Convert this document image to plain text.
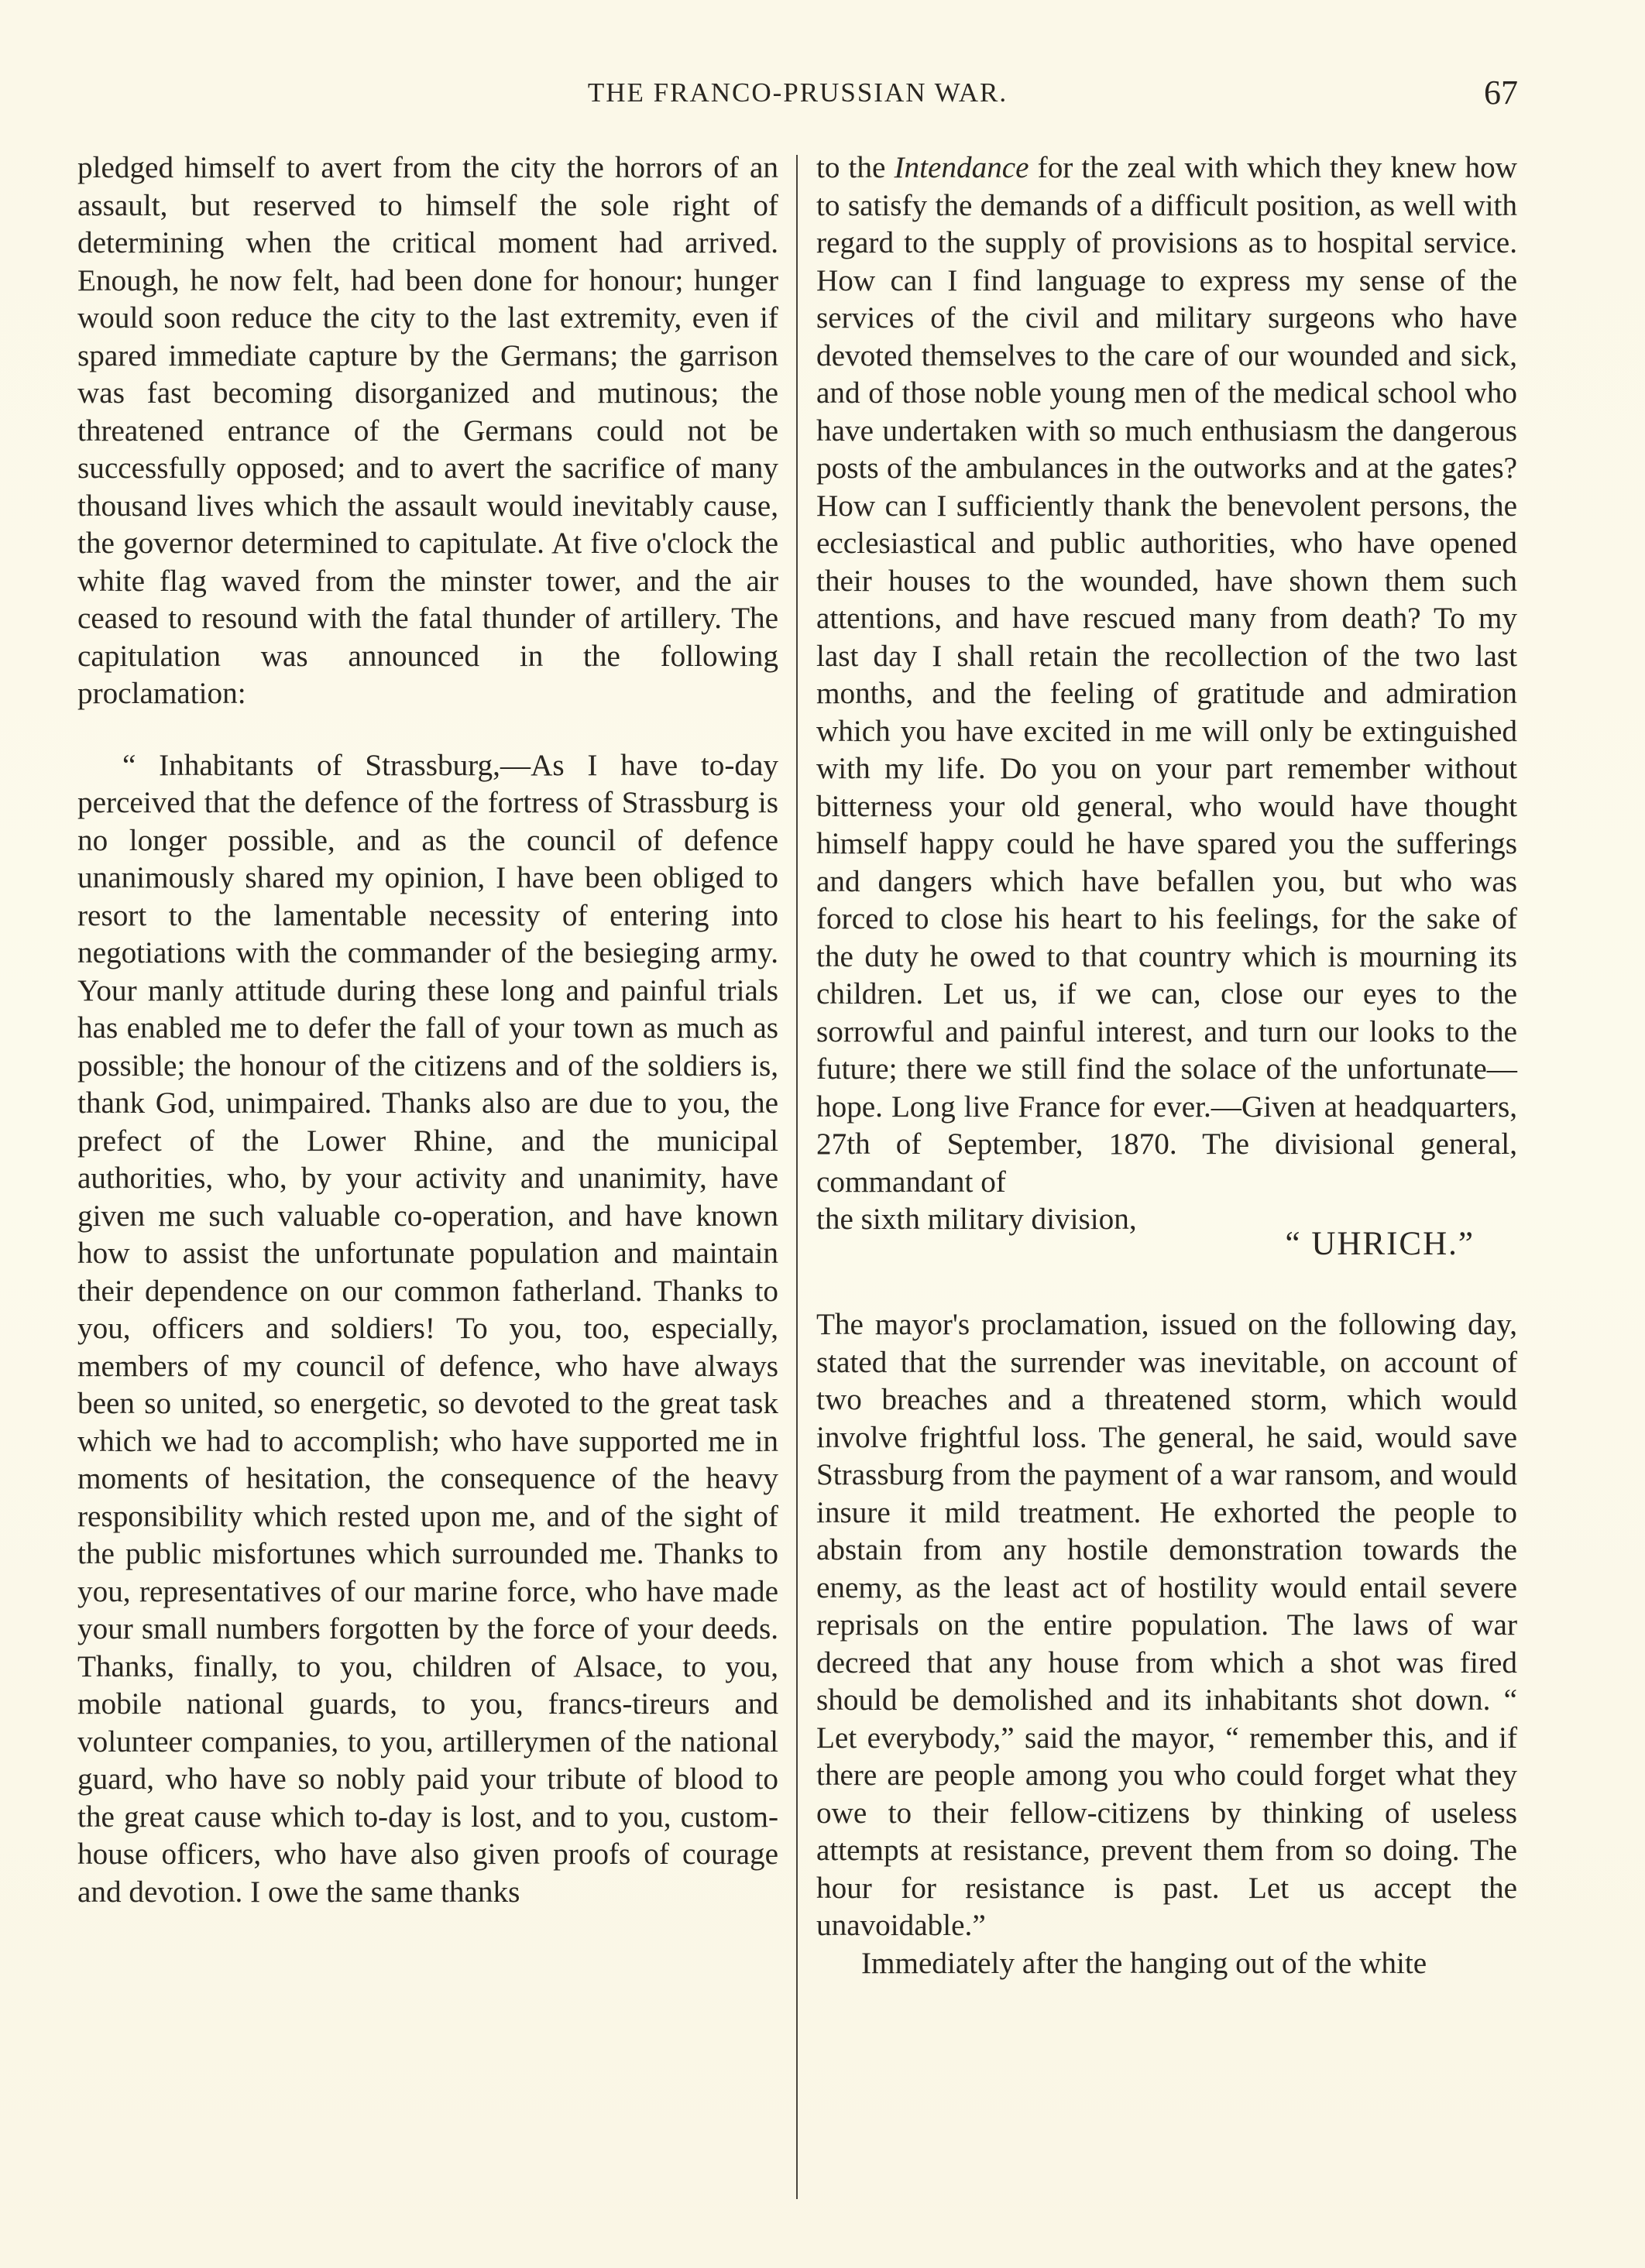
THE FRANCO-PRUSSIAN WAR.	67

pledged himself to avert from the city the horrors of an assault, but reserved to himself the sole right of determining when the critical moment had arrived. Enough, he now felt, had been done for honour; hunger would soon reduce the city to the last extremity, even if spared immediate capture by the Germans; the garrison was fast becoming disorganized and mutinous; the threatened entrance of the Germans could not be successfully opposed; and to avert the sacrifice of many thousand lives which the assault would inevitably cause, the governor determined to capitulate. At five o'clock the white flag waved from the minster tower, and the air ceased to resound with the fatal thunder of artillery. The capitulation was announced in the following proclamation:

“ Inhabitants of Strassburg,—As I have to-day perceived that the defence of the fortress of Strassburg is no longer possible, and as the council of defence unanimously shared my opinion, I have been obliged to resort to the lamentable necessity of entering into negotiations with the commander of the besieging army. Your manly attitude during these long and painful trials has enabled me to defer the fall of your town as much as possible; the honour of the citizens and of the soldiers is, thank God, unimpaired. Thanks also are due to you, the prefect of the Lower Rhine, and the municipal authorities, who, by your activity and unanimity, have given me such valuable co-operation, and have known how to assist the unfortunate population and maintain their dependence on our common fatherland. Thanks to you, officers and soldiers! To you, too, especially, members of my council of defence, who have always been so united, so energetic, so devoted to the great task which we had to accomplish; who have supported me in moments of hesitation, the consequence of the heavy responsibility which rested upon me, and of the sight of the public misfortunes which surrounded me. Thanks to you, representatives of our marine force, who have made your small numbers forgotten by the force of your deeds. Thanks, finally, to you, children of Alsace, to you, mobile national guards, to you, francs-tireurs and volunteer companies, to you, artillerymen of the national guard, who have so nobly paid your tribute of blood to the great cause which to-day is lost, and to you, custom-house officers, who have also given proofs of courage and devotion. I owe the same thanks

to the Intendance for the zeal with which they knew how to satisfy the demands of a difficult position, as well with regard to the supply of provisions as to hospital service. How can I find language to express my sense of the services of the civil and military surgeons who have devoted themselves to the care of our wounded and sick, and of those noble young men of the medical school who have undertaken with so much enthusiasm the dangerous posts of the ambulances in the outworks and at the gates? How can I sufficiently thank the benevolent persons, the ecclesiastical and public authorities, who have opened their houses to the wounded, have shown them such attentions, and have rescued many from death? To my last day I shall retain the recollection of the two last months, and the feeling of gratitude and admiration which you have excited in me will only be extinguished with my life. Do you on your part remember without bitterness your old general, who would have thought himself happy could he have spared you the sufferings and dangers which have befallen you, but who was forced to close his heart to his feelings, for the sake of the duty he owed to that country which is mourning its children. Let us, if we can, close our eyes to the sorrowful and painful interest, and turn our looks to the future; there we still find the solace of the unfortunate—hope. Long live France for ever.—Given at headquarters, 27th of September, 1870. The divisional general, commandant of

the sixth military division,
“ UHRICH.”

The mayor's proclamation, issued on the following day, stated that the surrender was inevitable, on account of two breaches and a threatened storm, which would involve frightful loss. The general, he said, would save Strassburg from the payment of a war ransom, and would insure it mild treatment. He exhorted the people to abstain from any hostile demonstration towards the enemy, as the least act of hostility would entail severe reprisals on the entire population. The laws of war decreed that any house from which a shot was fired should be demolished and its inhabitants shot down. “ Let everybody,” said the mayor, “ remember this, and if there are people among you who could forget what they owe to their fellow-citizens by thinking of useless attempts at resistance, prevent them from so doing. The hour for resistance is past. Let us accept the unavoidable.”

Immediately after the hanging out of the white
